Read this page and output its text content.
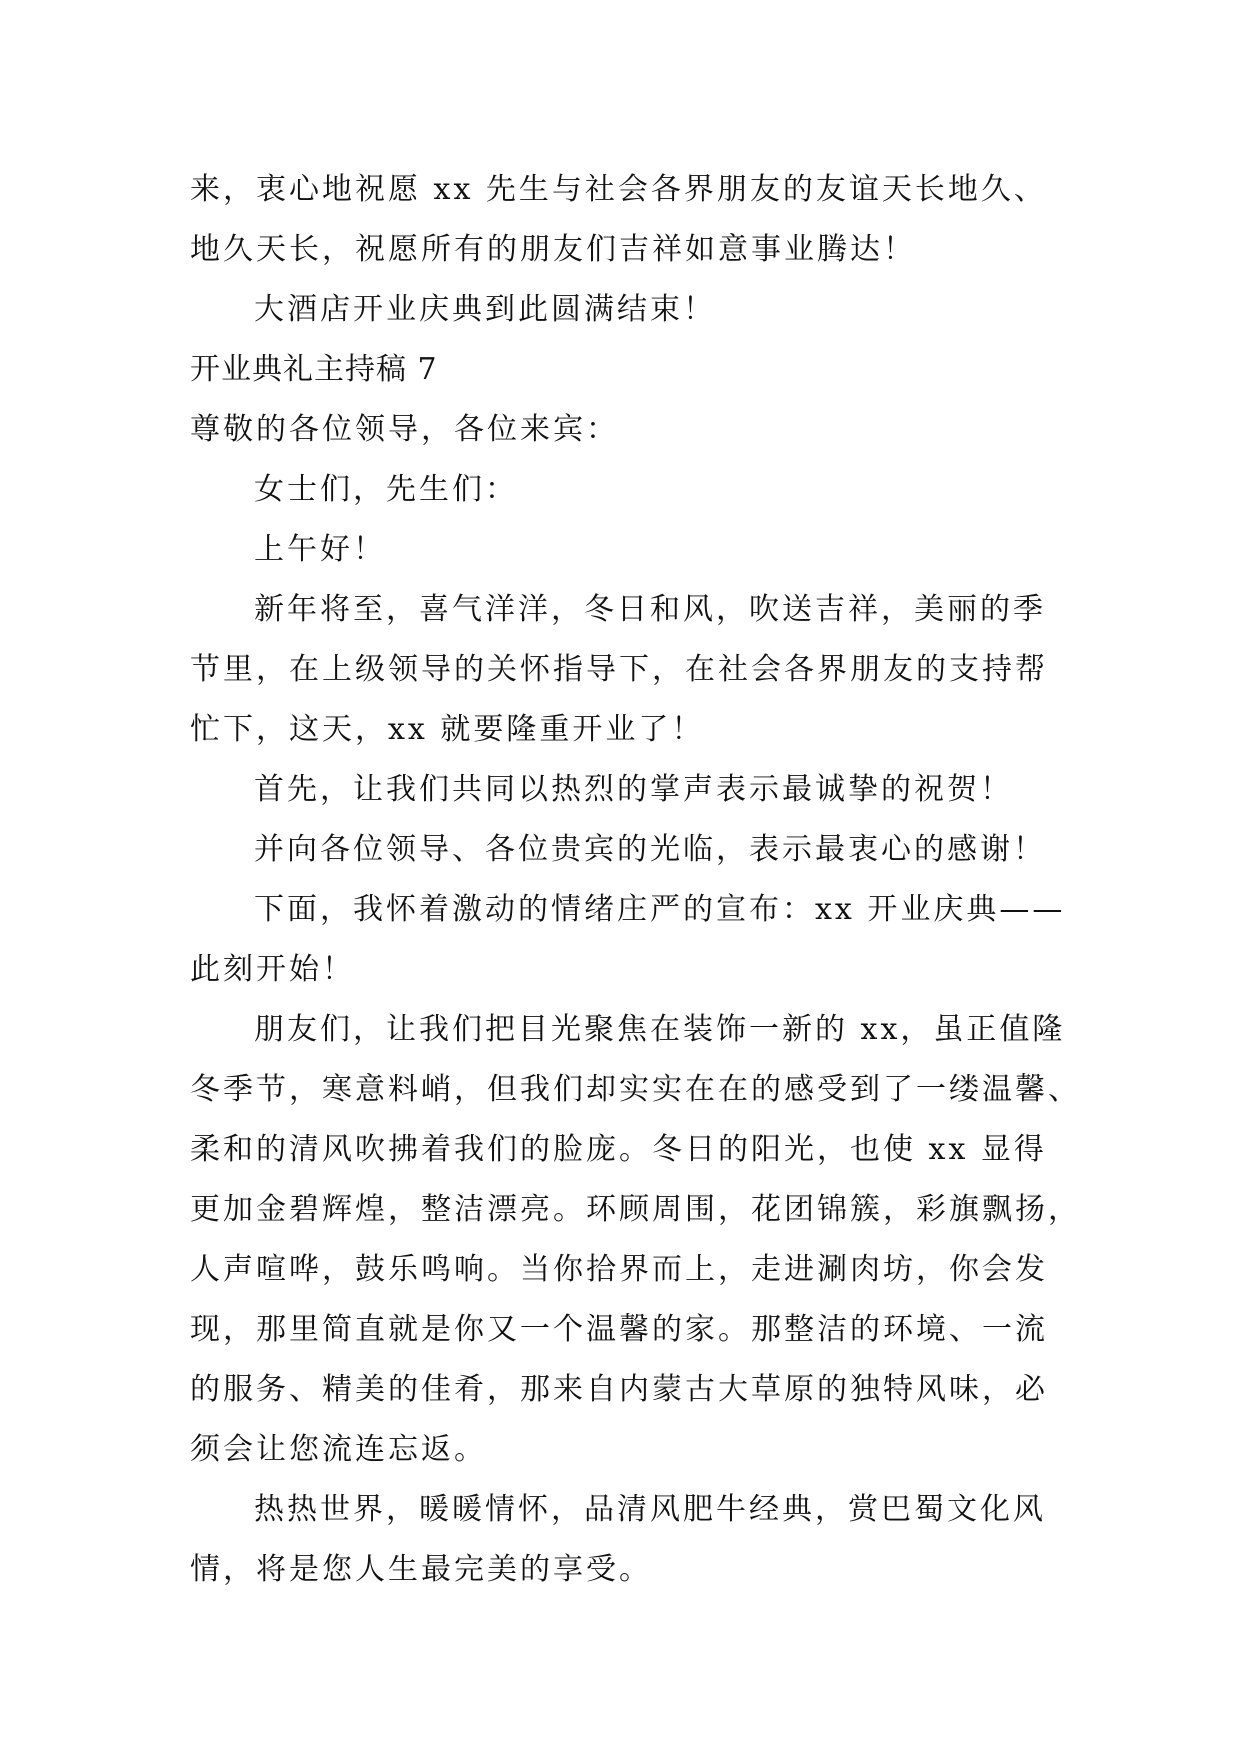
来，衷心地祝愿 xx 先生与社会各界朋友的友谊天长地久、
地久天长，祝愿所有的朋友们吉祥如意事业腾达！
大酒店开业庆典到此圆满结束！
开业典礼主持稿 7
尊敬的各位领导，各位来宾：
女士们，先生们：
上午好！
新年将至，喜气洋洋，冬日和风，吹送吉祥，美丽的季
节里，在上级领导的关怀指导下，在社会各界朋友的支持帮
忙下，这天，xx 就要隆重开业了！
首先，让我们共同以热烈的掌声表示最诚挚的祝贺！
并向各位领导、各位贵宾的光临，表示最衷心的感谢！
下面，我怀着激动的情绪庄严的宣布：xx 开业庆典——
此刻开始！
朋友们，让我们把目光聚焦在装饰一新的 xx，虽正值隆
冬季节，寒意料峭，但我们却实实在在的感受到了一缕温馨、
柔和的清风吹拂着我们的脸庞。冬日的阳光，也使 xx 显得
更加金碧辉煌，整洁漂亮。环顾周围，花团锦簇，彩旗飘扬，
人声喧哗，鼓乐鸣响。当你拾界而上，走进涮肉坊，你会发
现，那里简直就是你又一个温馨的家。那整洁的环境、一流
的服务、精美的佳肴，那来自内蒙古大草原的独特风味，必
须会让您流连忘返。
热热世界，暖暖情怀，品清风肥牛经典，赏巴蜀文化风
情，将是您人生最完美的享受。
